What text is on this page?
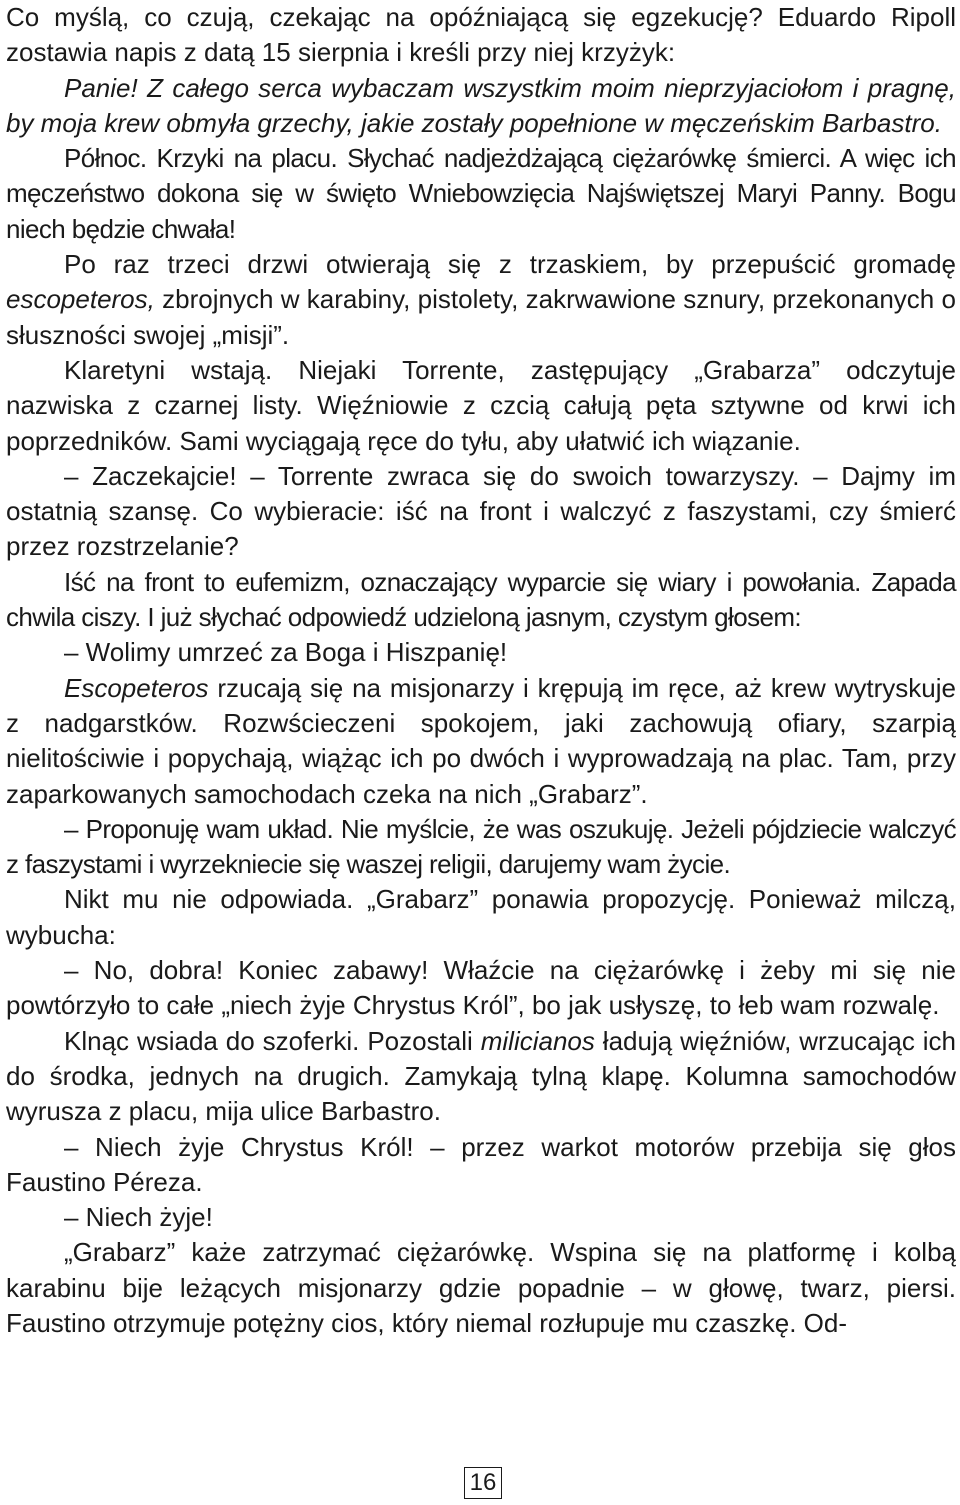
Co myślą, co czują, czekając na opóźniającą się egzekucję? Eduardo Ripoll zostawia napis z datą 15 sierpnia i kreśli przy niej krzyżyk:

Panie! Z całego serca wybaczam wszystkim moim nieprzyjaciołom i pragnę, by moja krew obmyła grzechy, jakie zostały popełnione w męczeńskim Barbastro.

Północ. Krzyki na placu. Słychać nadjeżdżającą ciężarówkę śmierci. A więc ich męczeństwo dokona się w święto Wniebowzięcia Najświętszej Maryi Panny. Bogu niech będzie chwała!

Po raz trzeci drzwi otwierają się z trzaskiem, by przepuścić gromadę escopeteros, zbrojnych w karabiny, pistolety, zakrwawione sznury, przekonanych o słuszności swojej „misji”.

Klaretyni wstają. Niejaki Torrente, zastępujący „Grabarza” odczytuje nazwiska z czarnej listy. Więźniowie z czcią całują pęta sztywne od krwi ich poprzedników. Sami wyciągają ręce do tyłu, aby ułatwić ich wiązanie.

– Zaczekajcie! – Torrente zwraca się do swoich towarzyszy. – Dajmy im ostatnią szansę. Co wybieracie: iść na front i walczyć z faszystami, czy śmierć przez rozstrzelanie?

Iść na front to eufemizm, oznaczający wyparcie się wiary i powołania. Zapada chwila ciszy. I już słychać odpowiedź udzieloną jasnym, czystym głosem:

– Wolimy umrzeć za Boga i Hiszpanię!

Escopeteros rzucają się na misjonarzy i krępują im ręce, aż krew wytryskuje z nadgarstków. Rozwścieczeni spokojem, jaki zachowują ofiary, szarpią nielitościwie i popychają, wiążąc ich po dwóch i wyprowadzają na plac. Tam, przy zaparkowanych samochodach czeka na nich „Grabarz”.

– Proponuję wam układ. Nie myślcie, że was oszukuję. Jeżeli pójdziecie walczyć z faszystami i wyrzekniecie się waszej religii, darujemy wam życie.

Nikt mu nie odpowiada. „Grabarz” ponawia propozycję. Ponieważ milczą, wybucha:

– No, dobra! Koniec zabawy! Właźcie na ciężarówkę i żeby mi się nie powtórzyło to całe „niech żyje Chrystus Król”, bo jak usłyszę, to łeb wam rozwalę.

Klnąc wsiada do szoferki. Pozostali milicianos ładują więźniów, wrzucając ich do środka, jednych na drugich. Zamykają tylną klapę. Kolumna samochodów wyrusza z placu, mija ulice Barbastro.

– Niech żyje Chrystus Król! – przez warkot motorów przebija się głos Faustino Péreza.

– Niech żyje!

„Grabarz” każe zatrzymać ciężarówkę. Wspina się na platformę i kolbą karabinu bije leżących misjonarzy gdzie popadnie – w głowę, twarz, piersi. Faustino otrzymuje potężny cios, który niemal rozłupuje mu czaszkę. Od-

16
